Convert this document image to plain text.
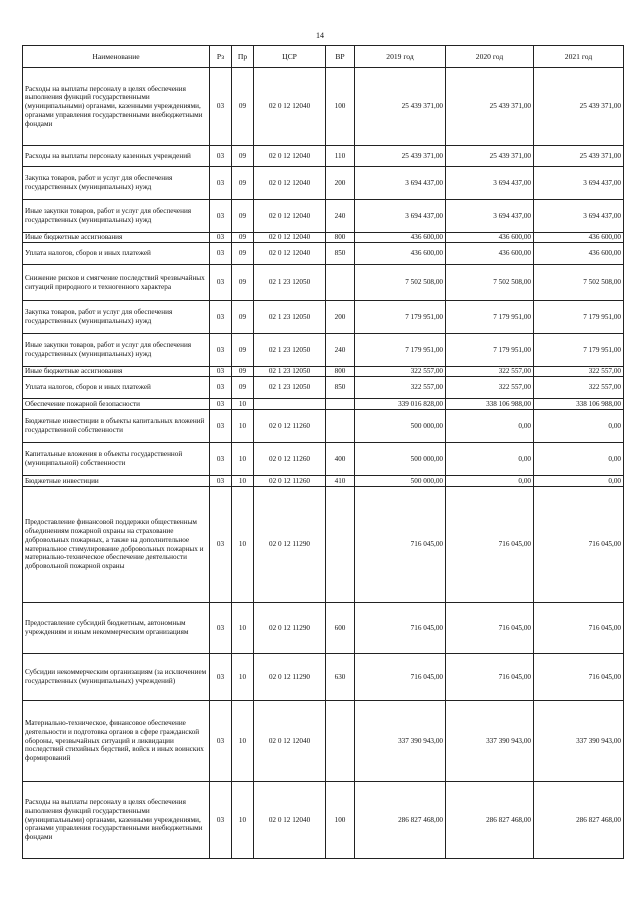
14
Наименование	Рз	Пр	ЦСР	ВР	2019 год	2020 год	2021 год
Расходы на выплаты персоналу в целях обеспечения выполнения функций государственными (муниципальными) органами, казенными учреждениями, органами управления государственными внебюджетными фондами	03	09	02 0 12 12040	100	25 439 371,00	25 439 371,00	25 439 371,00
Расходы на выплаты персоналу казенных учреждений	03	09	02 0 12 12040	110	25 439 371,00	25 439 371,00	25 439 371,00
Закупка товаров, работ и услуг для обеспечения государственных (муниципальных) нужд	03	09	02 0 12 12040	200	3 694 437,00	3 694 437,00	3 694 437,00
Иные закупки товаров, работ и услуг для обеспечения государственных (муниципальных) нужд	03	09	02 0 12 12040	240	3 694 437,00	3 694 437,00	3 694 437,00
Иные бюджетные ассигнования	03	09	02 0 12 12040	800	436 600,00	436 600,00	436 600,00
Уплата налогов, сборов и иных платежей	03	09	02 0 12 12040	850	436 600,00	436 600,00	436 600,00
Снижение рисков и смягчение последствий чрезвычайных ситуаций природного и техногенного характера	03	09	02 1 23 12050		7 502 508,00	7 502 508,00	7 502 508,00
Закупка товаров, работ и услуг для обеспечения государственных (муниципальных) нужд	03	09	02 1 23 12050	200	7 179 951,00	7 179 951,00	7 179 951,00
Иные закупки товаров, работ и услуг для обеспечения государственных (муниципальных) нужд	03	09	02 1 23 12050	240	7 179 951,00	7 179 951,00	7 179 951,00
Иные бюджетные ассигнования	03	09	02 1 23 12050	800	322 557,00	322 557,00	322 557,00
Уплата налогов, сборов и иных платежей	03	09	02 1 23 12050	850	322 557,00	322 557,00	322 557,00
Обеспечение пожарной безопасности	03	10			339 016 828,00	338 106 988,00	338 106 988,00
Бюджетные инвестиции в объекты капитальных вложений государственной собственности	03	10	02 0 12 11260		500 000,00	0,00	0,00
Капитальные вложения в объекты государственной (муниципальной) собственности	03	10	02 0 12 11260	400	500 000,00	0,00	0,00
Бюджетные инвестиции	03	10	02 0 12 11260	410	500 000,00	0,00	0,00
Предоставление финансовой поддержки общественным объединениям пожарной охраны на страхование добровольных пожарных, а также на дополнительное материальное стимулирование добровольных пожарных и материально-техническое обеспечение деятельности добровольной пожарной охраны	03	10	02 0 12 11290		716 045,00	716 045,00	716 045,00
Предоставление субсидий бюджетным, автономным учреждениям и иным некоммерческим организациям	03	10	02 0 12 11290	600	716 045,00	716 045,00	716 045,00
Субсидии некоммерческим организациям (за исключением государственных (муниципальных) учреждений)	03	10	02 0 12 11290	630	716 045,00	716 045,00	716 045,00
Материально-техническое, финансовое обеспечение деятельности и подготовка органов в сфере гражданской обороны, чрезвычайных ситуаций и ликвидации последствий стихийных бедствий, войск и иных воинских формирований	03	10	02 0 12 12040		337 390 943,00	337 390 943,00	337 390 943,00
Расходы на выплаты персоналу в целях обеспечения выполнения функций государственными (муниципальными) органами, казенными учреждениями, органами управления государственными внебюджетными фондами	03	10	02 0 12 12040	100	286 827 468,00	286 827 468,00	286 827 468,00
